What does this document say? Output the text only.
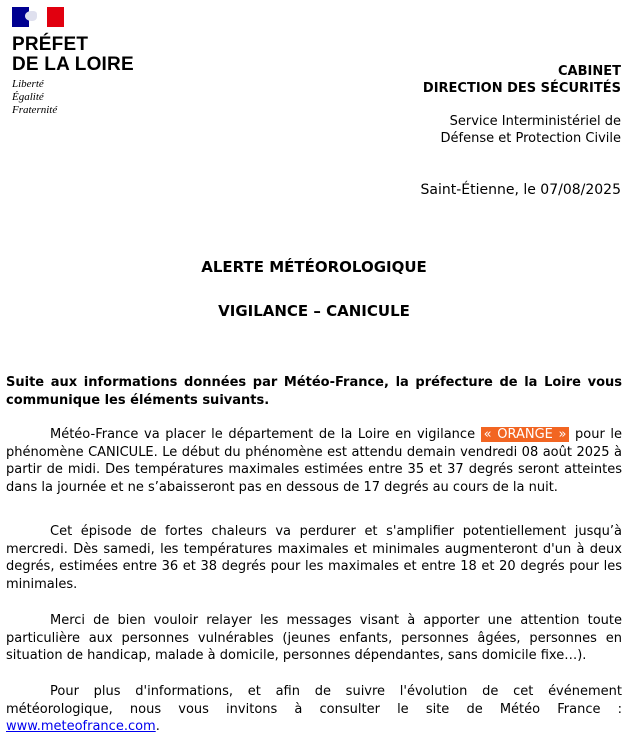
PRÉFET
DE LA LOIRE
Liberté
Égalité
Fraternité
CABINET
DIRECTION DES SÉCURITÉS
Service Interministériel de
Défense et Protection Civile
Saint-Étienne, le 07/08/2025
ALERTE MÉTÉOROLOGIQUE
VIGILANCE – CANICULE

Suite aux informations données par Météo-France, la préfecture de la Loire vous communique les éléments suivants.

Météo-France va placer le département de la Loire en vigilance « ORANGE » pour le phénomène CANICULE. Le début du phénomène est attendu demain vendredi 08 août 2025 à partir de midi. Des températures maximales estimées entre 35 et 37 degrés seront atteintes dans la journée et ne s’abaisseront pas en dessous de 17 degrés au cours de la nuit.

Cet épisode de fortes chaleurs va perdurer et s'amplifier potentiellement jusqu’à mercredi. Dès samedi, les températures maximales et minimales augmenteront d'un à deux degrés, estimées entre 36 et 38 degrés pour les maximales et entre 18 et 20 degrés pour les minimales.

Merci de bien vouloir relayer les messages visant à apporter une attention toute particulière aux personnes vulnérables (jeunes enfants, personnes âgées, personnes en situation de handicap, malade à domicile, personnes dépendantes, sans domicile fixe…).

Pour plus d'informations, et afin de suivre l'évolution de cet événement météorologique, nous vous invitons à consulter le site de Météo France : www.meteofrance.com.
